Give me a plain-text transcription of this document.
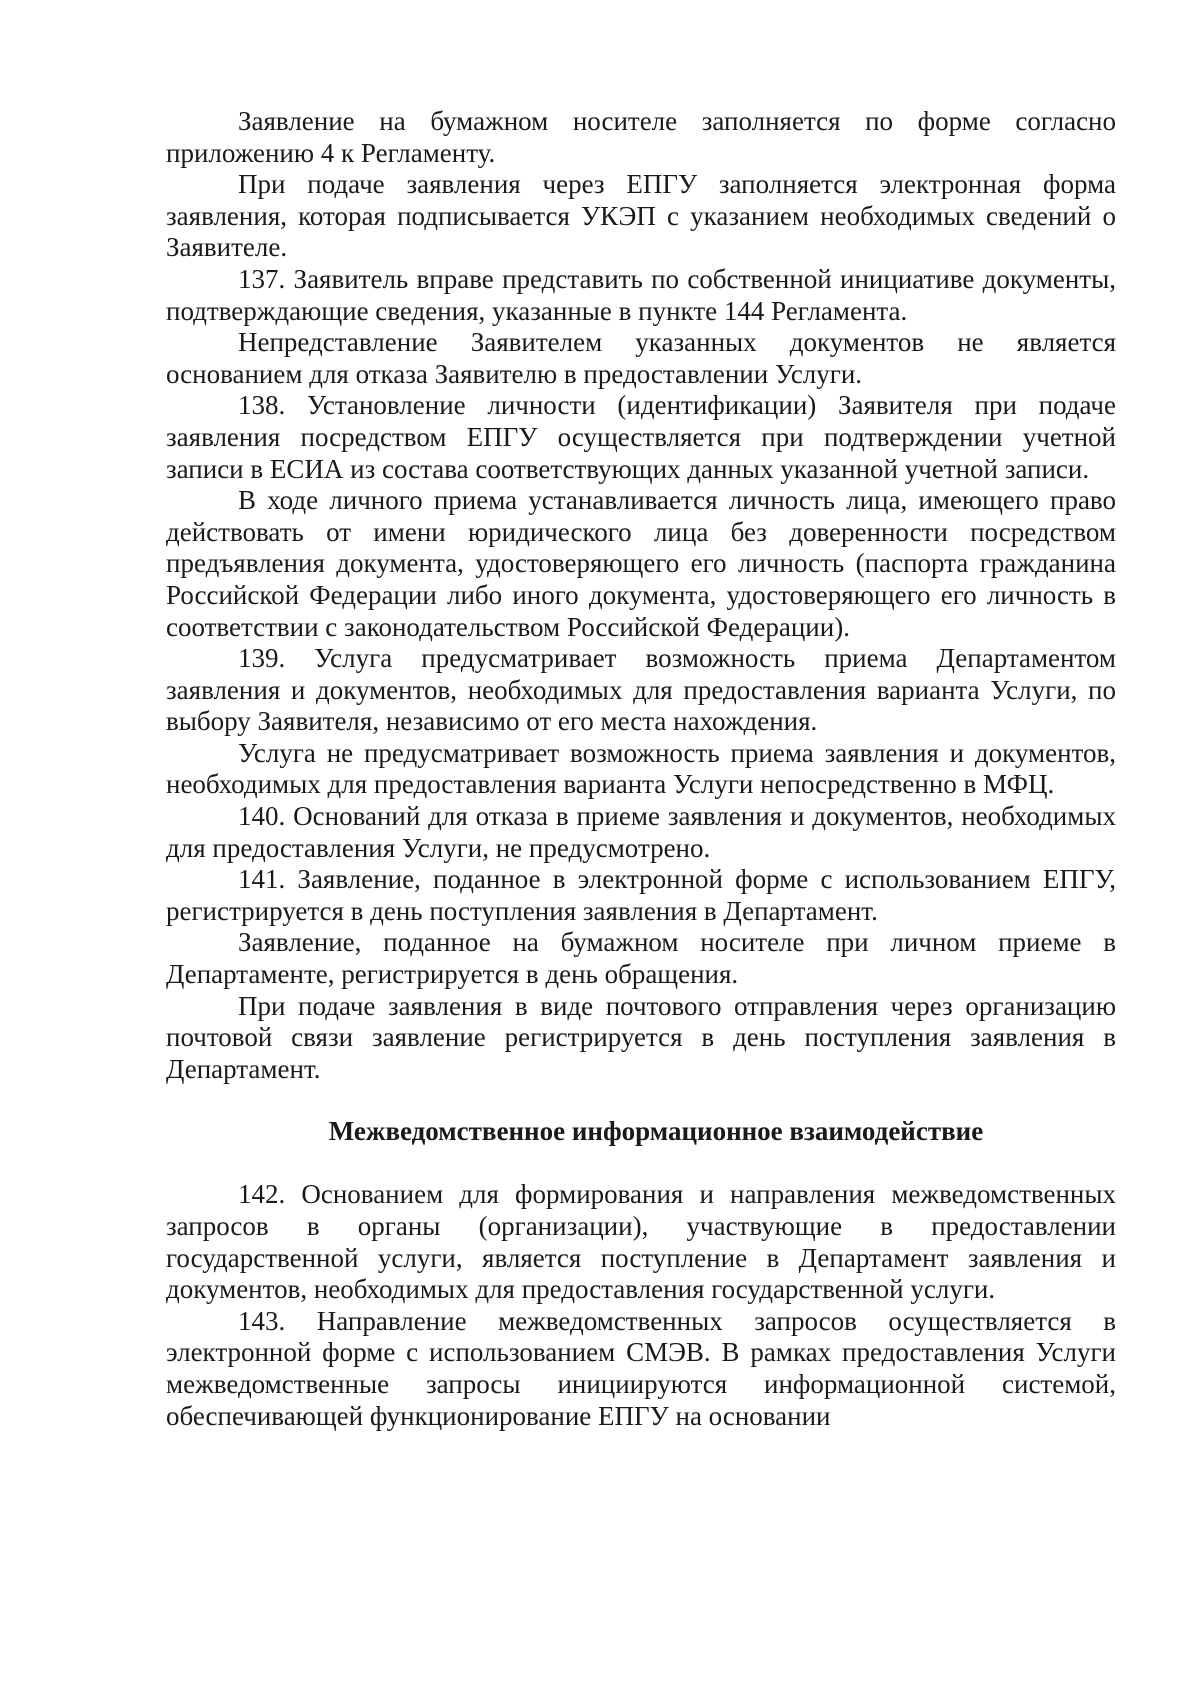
Заявление на бумажном носителе заполняется по форме согласно приложению 4 к Регламенту.

При подаче заявления через ЕПГУ заполняется электронная форма заявления, которая подписывается УКЭП с указанием необходимых сведений о Заявителе.

137. Заявитель вправе представить по собственной инициативе документы, подтверждающие сведения, указанные в пункте 144 Регламента.

Непредставление Заявителем указанных документов не является основанием для отказа Заявителю в предоставлении Услуги.

138. Установление личности (идентификации) Заявителя при подаче заявления посредством ЕПГУ осуществляется при подтверждении учетной записи в ЕСИА из состава соответствующих данных указанной учетной записи.

В ходе личного приема устанавливается личность лица, имеющего право действовать от имени юридического лица без доверенности посредством предъявления документа, удостоверяющего его личность (паспорта гражданина Российской Федерации либо иного документа, удостоверяющего его личность в соответствии с законодательством Российской Федерации).

139. Услуга предусматривает возможность приема Департаментом заявления и документов, необходимых для предоставления варианта Услуги, по выбору Заявителя, независимо от его места нахождения.

Услуга не предусматривает возможность приема заявления и документов, необходимых для предоставления варианта Услуги непосредственно в МФЦ.

140. Оснований для отказа в приеме заявления и документов, необходимых для предоставления Услуги, не предусмотрено.

141. Заявление, поданное в электронной форме с использованием ЕПГУ, регистрируется в день поступления заявления в Департамент.

Заявление, поданное на бумажном носителе при личном приеме в Департаменте, регистрируется в день обращения.

При подаче заявления в виде почтового отправления через организацию почтовой связи заявление регистрируется в день поступления заявления в Департамент.

Межведомственное информационное взаимодействие

142. Основанием для формирования и направления межведомственных запросов в органы (организации), участвующие в предоставлении государственной услуги, является поступление в Департамент заявления и документов, необходимых для предоставления государственной услуги.

143. Направление межведомственных запросов осуществляется в электронной форме с использованием СМЭВ. В рамках предоставления Услуги межведомственные запросы инициируются информационной системой, обеспечивающей функционирование ЕПГУ на основании
